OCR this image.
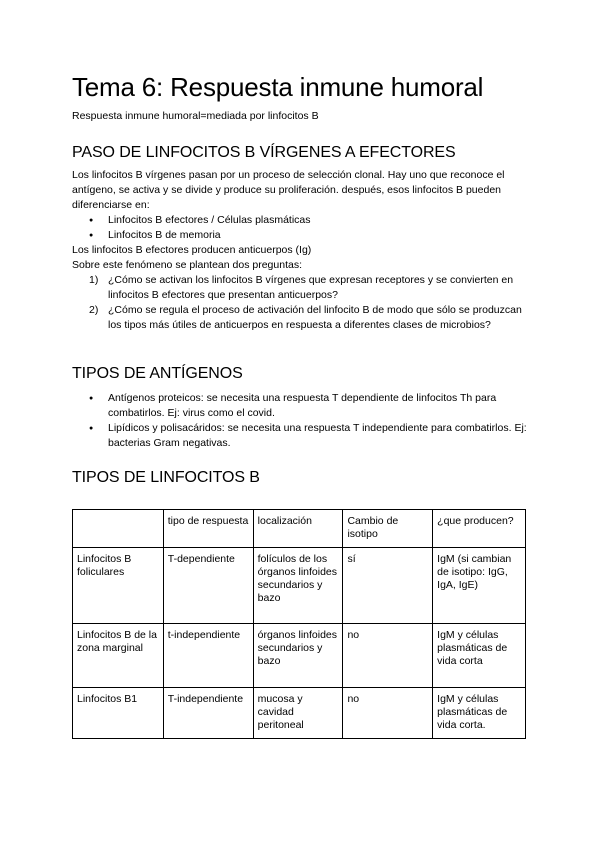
Tema 6: Respuesta inmune humoral

Respuesta inmune humoral=mediada por linfocitos B

PASO DE LINFOCITOS B VÍRGENES A EFECTORES

Los linfocitos B vírgenes pasan por un proceso de selección clonal. Hay uno que reconoce el antígeno, se activa y se divide y produce su proliferación. después, esos linfocitos B pueden diferenciarse en:

● Linfocitos B efectores / Células plasmáticas
● Linfocitos B de memoria

Los linfocitos B efectores producen anticuerpos (Ig)

Sobre este fenómeno se plantean dos preguntas:

1) ¿Cómo se activan los linfocitos B vírgenes que expresan receptores y se convierten en linfocitos B efectores que presentan anticuerpos?
2) ¿Cómo se regula el proceso de activación del linfocito B de modo que sólo se produzcan los tipos más útiles de anticuerpos en respuesta a diferentes clases de microbios?
TIPOS DE ANTÍGENOS
● Antígenos proteicos: se necesita una respuesta T dependiente de linfocitos Th para combatirlos. Ej: virus como el covid.
● Lipídicos y polisacáridos: se necesita una respuesta T independiente para combatirlos. Ej: bacterias Gram negativas.
TIPOS DE LINFOCITOS B
	tipo de respuesta	localización	Cambio de isotipo	¿que producen?
Linfocitos B foliculares	T-dependiente	folículos de los órganos linfoides secundarios y bazo	sí	IgM (si cambian de isotipo: IgG, IgA, IgE)
Linfocitos B de la zona marginal	t-independiente	órganos linfoides secundarios y bazo	no	IgM y células plasmáticas de vida corta
Linfocitos B1	T-independiente	mucosa y cavidad peritoneal	no	IgM y células plasmáticas de vida corta.
